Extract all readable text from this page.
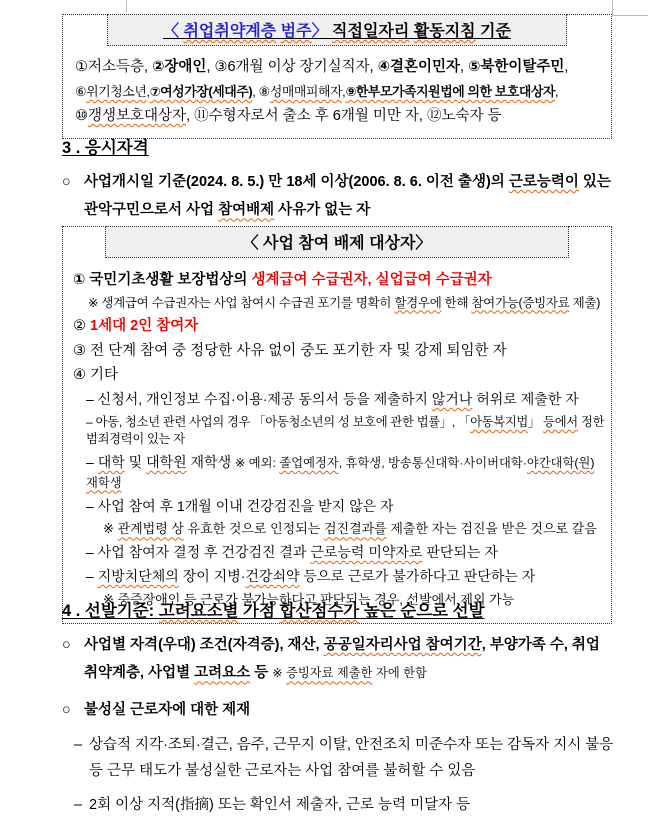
〈 취업취약계층 범주〉 직접일자리 활동지침 기준
①저소득층, ②장애인, ③6개월 이상 장기실직자, ④결혼이민자, ⑤북한이탈주민,
⑥위기청소년,⑦여성가장(세대주), ⑧성매매피해자,⑨한부모가족지원법에 의한 보호대상자,
⑩갱생보호대상자, ⑪수형자로서 출소 후 6개월 미만 자, ⑫노숙자 등
3 . 응시자격
○ 사업개시일 기준(2024. 8. 5.) 만 18세 이상(2006. 8. 6. 이전 출생)의 근로능력이 있는 관악구민으로서 사업 참여배제 사유가 없는 자
〈 사업 참여 배제 대상자〉
① 국민기초생활 보장법상의 생계급여 수급권자, 실업급여 수급권자
※ 생계급여 수급권자는 사업 참여시 수급권 포기를 명확히 할경우에 한해 참여가능(증빙자료 제출)
② 1세대 2인 참여자
③ 전 단계 참여 중 정당한 사유 없이 중도 포기한 자 및 강제 퇴임한 자
④ 기타
– 신청서, 개인정보 수집·이용·제공 동의서 등을 제출하지 않거나 허위로 제출한 자
– 아동, 청소년 관련 사업의 경우 「아동청소년의 성 보호에 관한 법률」, 「아동복지법」 등에서 정한 범죄경력이 있는 자
– 대학 및 대학원 재학생 ※ 예외: 졸업예정자, 휴학생, 방송통신대학·사이버대학·야간대학(원)재학생
– 사업 참여 후 1개월 이내 건강검진을 받지 않은 자
※ 관계법령 상 유효한 것으로 인정되는 검진결과를 제출한 자는 검진을 받은 것으로 갈음
– 사업 참여자 결정 후 건강검진 결과 근로능력 미약자로 판단되는 자
– 지방치단체의 장이 지병·건강쇠약 등으로 근로가 불가하다고 판단하는 자
※ 중증장애인 등 근로가 불가능하다고 판단되는 경우, 선발에서 제외 가능
4 . 선발기준: 고려요소별 가점 합산점수가 높은 순으로 선발
○ 사업별 자격(우대) 조건(자격증), 재산, 공공일자리사업 참여기간, 부양가족 수, 취업 취약계층, 사업별 고려요소 등 ※ 증빙자료 제출한 자에 한함
○ 불성실 근로자에 대한 제재
– 상습적 지각·조퇴·결근, 음주, 근무지 이탈, 안전조치 미준수자 또는 감독자 지시 불응 등 근무 태도가 불성실한 근로자는 사업 참여를 불허할 수 있음
– 2회 이상 지적(指摘) 또는 확인서 제출자, 근로 능력 미달자 등
